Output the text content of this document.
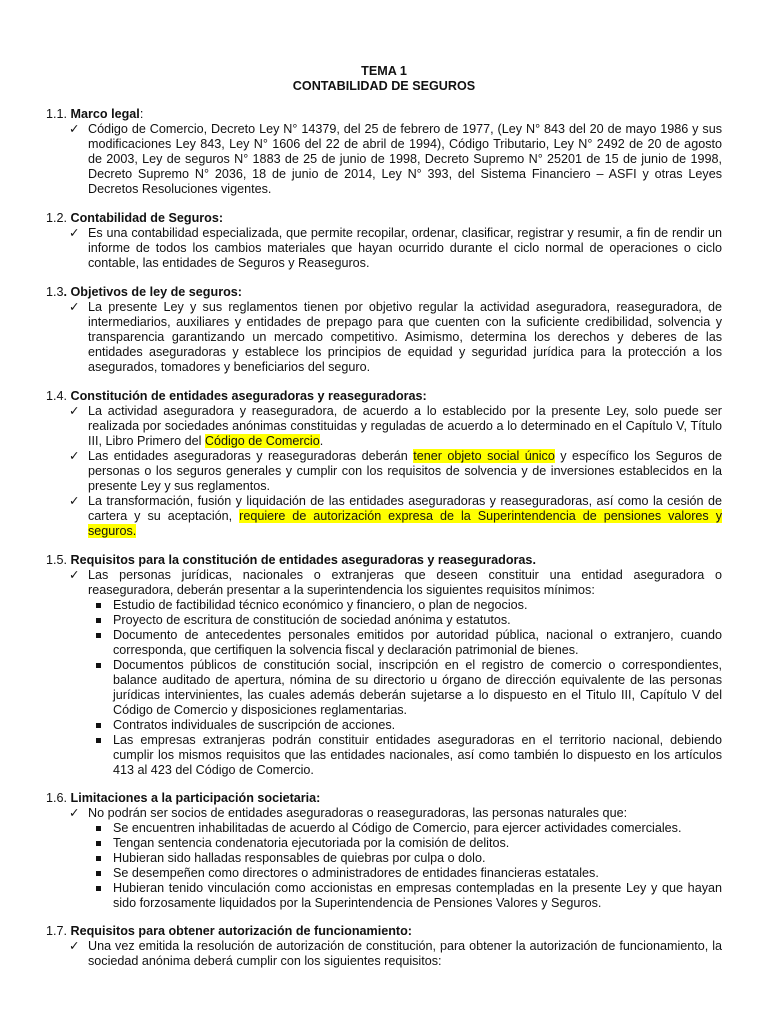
TEMA 1
CONTABILIDAD DE SEGUROS
1.1. Marco legal:
✓ Código de Comercio, Decreto Ley N° 14379, del 25 de febrero de 1977, (Ley N° 843 del 20 de mayo 1986 y sus modificaciones Ley 843, Ley N° 1606 del 22 de abril de 1994), Código Tributario, Ley N° 2492 de 20 de agosto de 2003, Ley de seguros N° 1883 de 25 de junio de 1998, Decreto Supremo N° 25201 de 15 de junio de 1998, Decreto Supremo N° 2036, 18 de junio de 2014, Ley N° 393, del Sistema Financiero – ASFI y otras Leyes Decretos Resoluciones vigentes.
1.2. Contabilidad de Seguros:
✓ Es una contabilidad especializada, que permite recopilar, ordenar, clasificar, registrar y resumir, a fin de rendir un informe de todos los cambios materiales que hayan ocurrido durante el ciclo normal de operaciones o ciclo contable, las entidades de Seguros y Reaseguros.
1.3. Objetivos de ley de seguros:
✓ La presente Ley y sus reglamentos tienen por objetivo regular la actividad aseguradora, reaseguradora, de intermediarios, auxiliares y entidades de prepago para que cuenten con la suficiente credibilidad, solvencia y transparencia garantizando un mercado competitivo. Asimismo, determina los derechos y deberes de las entidades aseguradoras y establece los principios de equidad y seguridad jurídica para la protección a los asegurados, tomadores y beneficiarios del seguro.
1.4. Constitución de entidades aseguradoras y reaseguradoras:
✓ La actividad aseguradora y reaseguradora, de acuerdo a lo establecido por la presente Ley, solo puede ser realizada por sociedades anónimas constituidas y reguladas de acuerdo a lo determinado en el Capítulo V, Título III, Libro Primero del Código de Comercio.
✓ Las entidades aseguradoras y reaseguradoras deberán tener objeto social único y específico los Seguros de personas o los seguros generales y cumplir con los requisitos de solvencia y de inversiones establecidos en la presente Ley y sus reglamentos.
✓ La transformación, fusión y liquidación de las entidades aseguradoras y reaseguradoras, así como la cesión de cartera y su aceptación, requiere de autorización expresa de la Superintendencia de pensiones valores y seguros.
1.5. Requisitos para la constitución de entidades aseguradoras y reaseguradoras.
✓ Las personas jurídicas, nacionales o extranjeras que deseen constituir una entidad aseguradora o reaseguradora, deberán presentar a la superintendencia los siguientes requisitos mínimos:
Estudio de factibilidad técnico económico y financiero, o plan de negocios.
Proyecto de escritura de constitución de sociedad anónima y estatutos.
Documento de antecedentes personales emitidos por autoridad pública, nacional o extranjero, cuando corresponda, que certifiquen la solvencia fiscal y declaración patrimonial de bienes.
Documentos públicos de constitución social, inscripción en el registro de comercio o correspondientes, balance auditado de apertura, nómina de su directorio u órgano de dirección equivalente de las personas jurídicas intervinientes, las cuales además deberán sujetarse a lo dispuesto en el Titulo III, Capítulo V del Código de Comercio y disposiciones reglamentarias.
Contratos individuales de suscripción de acciones.
Las empresas extranjeras podrán constituir entidades aseguradoras en el territorio nacional, debiendo cumplir los mismos requisitos que las entidades nacionales, así como también lo dispuesto en los artículos 413 al 423 del Código de Comercio.
1.6. Limitaciones a la participación societaria:
✓ No podrán ser socios de entidades aseguradoras o reaseguradoras, las personas naturales que:
Se encuentren inhabilitadas de acuerdo al Código de Comercio, para ejercer actividades comerciales.
Tengan sentencia condenatoria ejecutoriada por la comisión de delitos.
Hubieran sido halladas responsables de quiebras por culpa o dolo.
Se desempeñen como directores o administradores de entidades financieras estatales.
Hubieran tenido vinculación como accionistas en empresas contempladas en la presente Ley y que hayan sido forzosamente liquidados por la Superintendencia de Pensiones Valores y Seguros.
1.7. Requisitos para obtener autorización de funcionamiento:
✓ Una vez emitida la resolución de autorización de constitución, para obtener la autorización de funcionamiento, la sociedad anónima deberá cumplir con los siguientes requisitos:
